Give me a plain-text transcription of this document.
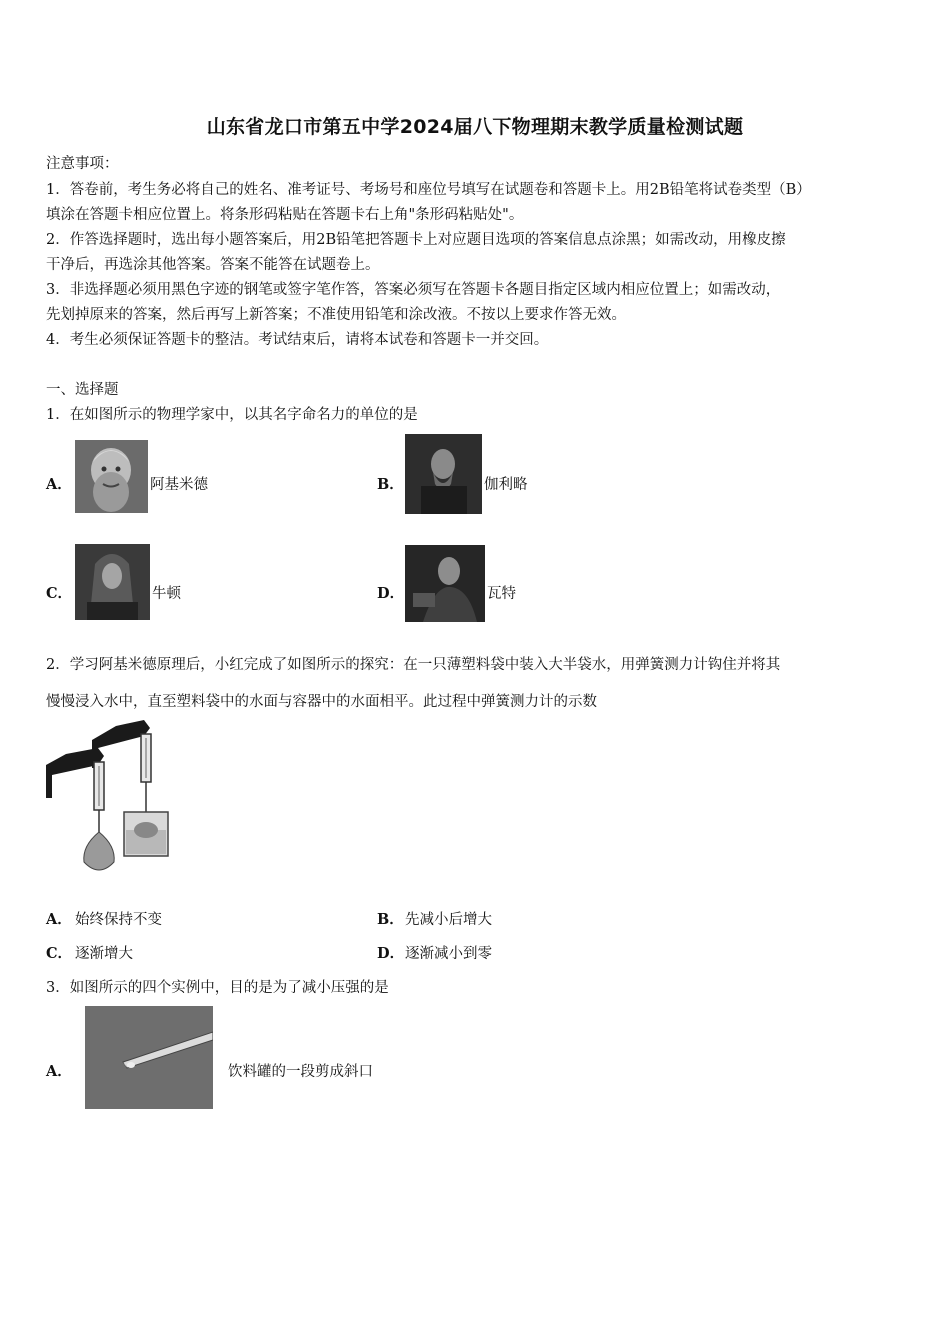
山东省龙口市第五中学2024届八下物理期末教学质量检测试题
注意事项：
1．答卷前，考生务必将自己的姓名、准考证号、考场号和座位号填写在试题卷和答题卡上。用2B铅笔将试卷类型（B）
填涂在答题卡相应位置上。将条形码粘贴在答题卡右上角"条形码粘贴处"。
2．作答选择题时，选出每小题答案后，用2B铅笔把答题卡上对应题目选项的答案信息点涂黑；如需改动，用橡皮擦
干净后，再选涂其他答案。答案不能答在试题卷上。
3．非选择题必须用黑色字迹的钢笔或签字笔作答，答案必须写在答题卡各题目指定区域内相应位置上；如需改动，
先划掉原来的答案，然后再写上新答案；不准使用铅笔和涂改液。不按以上要求作答无效。
4．考生必须保证答题卡的整洁。考试结束后，请将本试卷和答题卡一并交回。
一、选择题
1．在如图所示的物理学家中，以其名字命名力的单位的是
A．	阿基米德	B．	伽利略
C．	牛顿	D．	瓦特
2．学习阿基米德原理后，小红完成了如图所示的探究：在一只薄塑料袋中装入大半袋水，用弹簧测力计钩住并将其
慢慢浸入水中，直至塑料袋中的水面与容器中的水面相平。此过程中弹簧测力计的示数
A． 始终保持不变	B． 先减小后增大
C． 逐渐增大	D． 逐渐减小到零
3．如图所示的四个实例中，目的是为了减小压强的是
A．	饮料罐的一段剪成斜口
